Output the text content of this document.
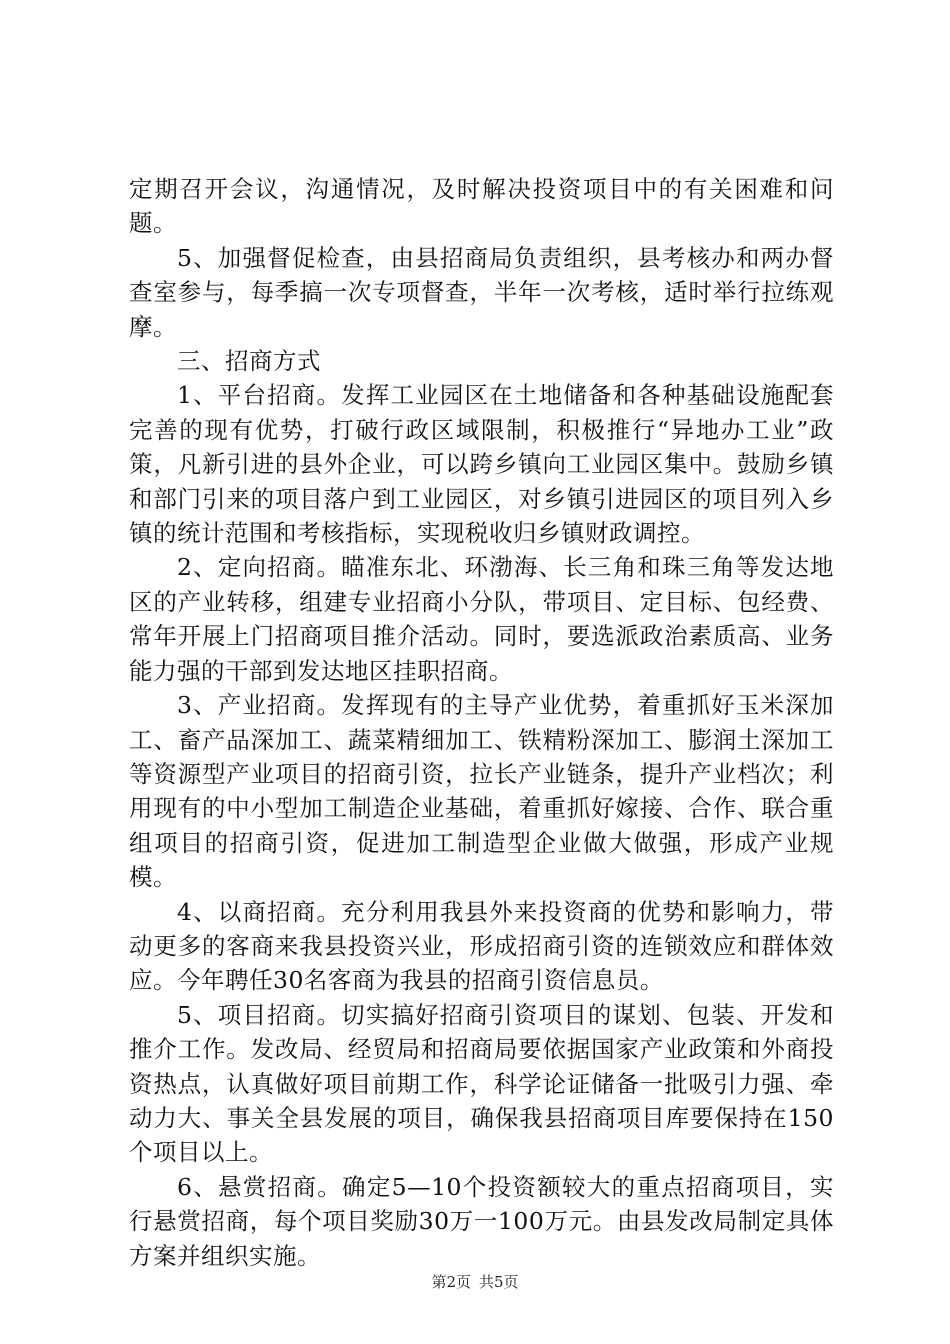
定期召开会议，沟通情况，及时解决投资项目中的有关困难和问题。

5、加强督促检查，由县招商局负责组织，县考核办和两办督查室参与，每季搞一次专项督查，半年一次考核，适时举行拉练观摩。

三、招商方式

1、平台招商。发挥工业园区在土地储备和各种基础设施配套完善的现有优势，打破行政区域限制，积极推行“异地办工业”政策，凡新引进的县外企业，可以跨乡镇向工业园区集中。鼓励乡镇和部门引来的项目落户到工业园区，对乡镇引进园区的项目列入乡镇的统计范围和考核指标，实现税收归乡镇财政调控。

2、定向招商。瞄准东北、环渤海、长三角和珠三角等发达地区的产业转移，组建专业招商小分队，带项目、定目标、包经费、常年开展上门招商项目推介活动。同时，要选派政治素质高、业务能力强的干部到发达地区挂职招商。

3、产业招商。发挥现有的主导产业优势，着重抓好玉米深加工、畜产品深加工、蔬菜精细加工、铁精粉深加工、膨润土深加工等资源型产业项目的招商引资，拉长产业链条，提升产业档次；利用现有的中小型加工制造企业基础，着重抓好嫁接、合作、联合重组项目的招商引资，促进加工制造型企业做大做强，形成产业规模。

4、以商招商。充分利用我县外来投资商的优势和影响力，带动更多的客商来我县投资兴业，形成招商引资的连锁效应和群体效应。今年聘任30名客商为我县的招商引资信息员。

5、项目招商。切实搞好招商引资项目的谋划、包装、开发和推介工作。发改局、经贸局和招商局要依据国家产业政策和外商投资热点，认真做好项目前期工作，科学论证储备一批吸引力强、牵动力大、事关全县发展的项目，确保我县招商项目库要保持在150个项目以上。

6、悬赏招商。确定5—10个投资额较大的重点招商项目，实行悬赏招商，每个项目奖励30万一100万元。由县发改局制定具体方案并组织实施。

第2页 共5页
